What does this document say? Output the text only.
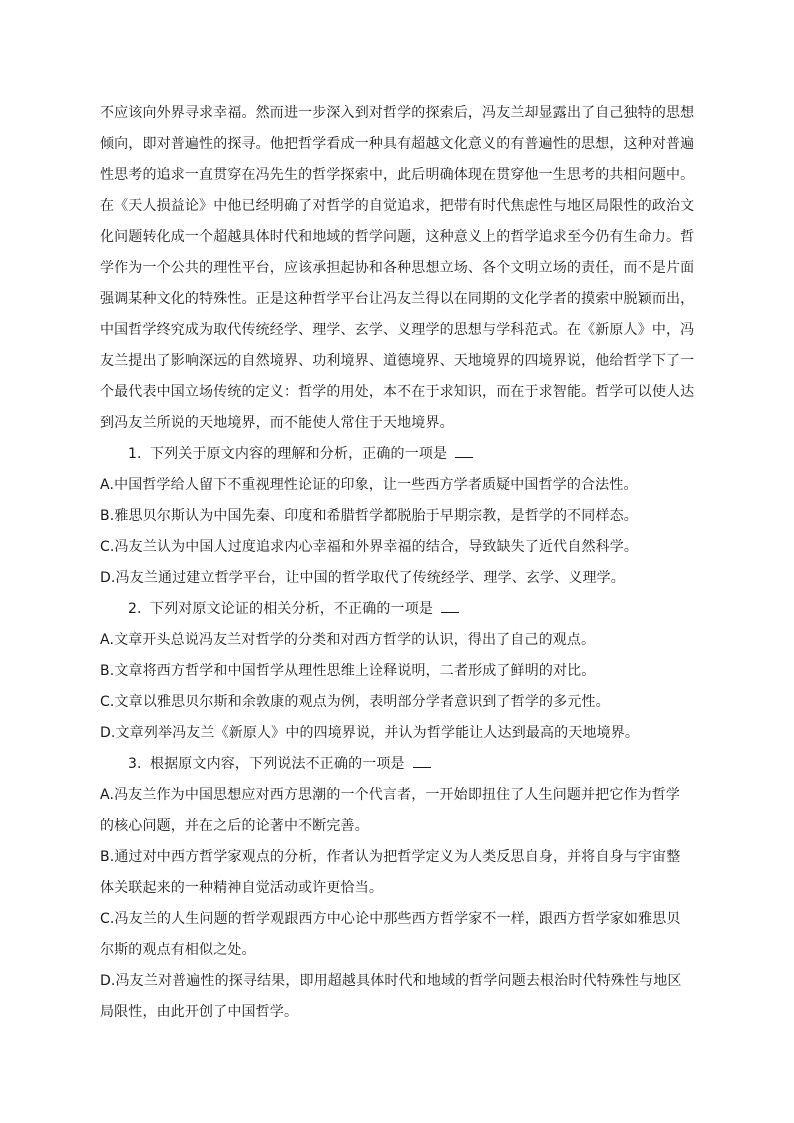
不应该向外界寻求幸福。然而进一步深入到对哲学的探索后，冯友兰却显露出了自己独特的思想
倾向，即对普遍性的探寻。他把哲学看成一种具有超越文化意义的有普遍性的思想，这种对普遍
性思考的追求一直贯穿在冯先生的哲学探索中，此后明确体现在贯穿他一生思考的共相问题中。
在《天人损益论》中他已经明确了对哲学的自觉追求，把带有时代焦虑性与地区局限性的政治文
化问题转化成一个超越具体时代和地域的哲学问题，这种意义上的哲学追求至今仍有生命力。哲
学作为一个公共的理性平台，应该承担起协和各种思想立场、各个文明立场的责任，而不是片面
强调某种文化的特殊性。正是这种哲学平台让冯友兰得以在同期的文化学者的摸索中脱颖而出，
中国哲学终究成为取代传统经学、理学、玄学、义理学的思想与学科范式。在《新原人》中，冯
友兰提出了影响深远的自然境界、功利境界、道德境界、天地境界的四境界说，他给哲学下了一
个最代表中国立场传统的定义：哲学的用处，本不在于求知识，而在于求智能。哲学可以使人达
到冯友兰所说的天地境界，而不能使人常住于天地境界。
1. 下列关于原文内容的理解和分析，正确的一项是
A.中国哲学给人留下不重视理性论证的印象，让一些西方学者质疑中国哲学的合法性。
B.雅思贝尔斯认为中国先秦、印度和希腊哲学都脱胎于早期宗教，是哲学的不同样态。
C.冯友兰认为中国人过度追求内心幸福和外界幸福的结合，导致缺失了近代自然科学。
D.冯友兰通过建立哲学平台，让中国的哲学取代了传统经学、理学、玄学、义理学。
2. 下列对原文论证的相关分析，不正确的一项是
A.文章开头总说冯友兰对哲学的分类和对西方哲学的认识，得出了自己的观点。
B.文章将西方哲学和中国哲学从理性思维上诠释说明，二者形成了鲜明的对比。
C.文章以雅思贝尔斯和余敦康的观点为例，表明部分学者意识到了哲学的多元性。
D.文章列举冯友兰《新原人》中的四境界说，并认为哲学能让人达到最高的天地境界。
3. 根据原文内容，下列说法不正确的一项是
A.冯友兰作为中国思想应对西方思潮的一个代言者，一开始即扭住了人生问题并把它作为哲学的核心问题，并在之后的论著中不断完善。
B.通过对中西方哲学家观点的分析，作者认为把哲学定义为人类反思自身，并将自身与宇宙整体关联起来的一种精神自觉活动或许更恰当。
C.冯友兰的人生问题的哲学观跟西方中心论中那些西方哲学家不一样，跟西方哲学家如雅思贝尔斯的观点有相似之处。
D.冯友兰对普遍性的探寻结果，即用超越具体时代和地域的哲学问题去根治时代特殊性与地区局限性，由此开创了中国哲学。
